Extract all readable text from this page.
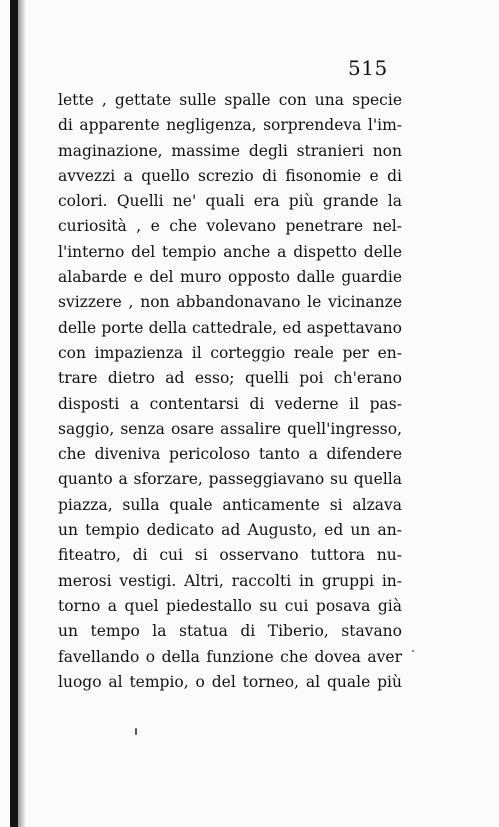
515
lette , gettate sulle spalle con una specie
di apparente negligenza, sorprendeva l'im-
maginazione, massime degli stranieri non
avvezzi a quello screzio di fisonomie e di
colori. Quelli ne' quali era più grande la
curiosità , e che volevano penetrare nel-
l'interno del tempio anche a dispetto delle
alabarde e del muro opposto dalle guardie
svizzere , non abbandonavano le vicinanze
delle porte della cattedrale, ed aspettavano
con impazienza il corteggio reale per en-
trare dietro ad esso; quelli poi ch'erano
disposti a contentarsi di vederne il pas-
saggio, senza osare assalire quell'ingresso,
che diveniva pericoloso tanto a difendere
quanto a sforzare, passeggiavano su quella
piazza, sulla quale anticamente si alzava
un tempio dedicato ad Augusto, ed un an-
fiteatro, di cui si osservano tuttora nu-
merosi vestigi. Altri, raccolti in gruppi in-
torno a quel piedestallo su cui posava già
un tempo la statua di Tiberio, stavano
favellando o della funzione che dovea aver
luogo al tempio, o del torneo, al quale più
